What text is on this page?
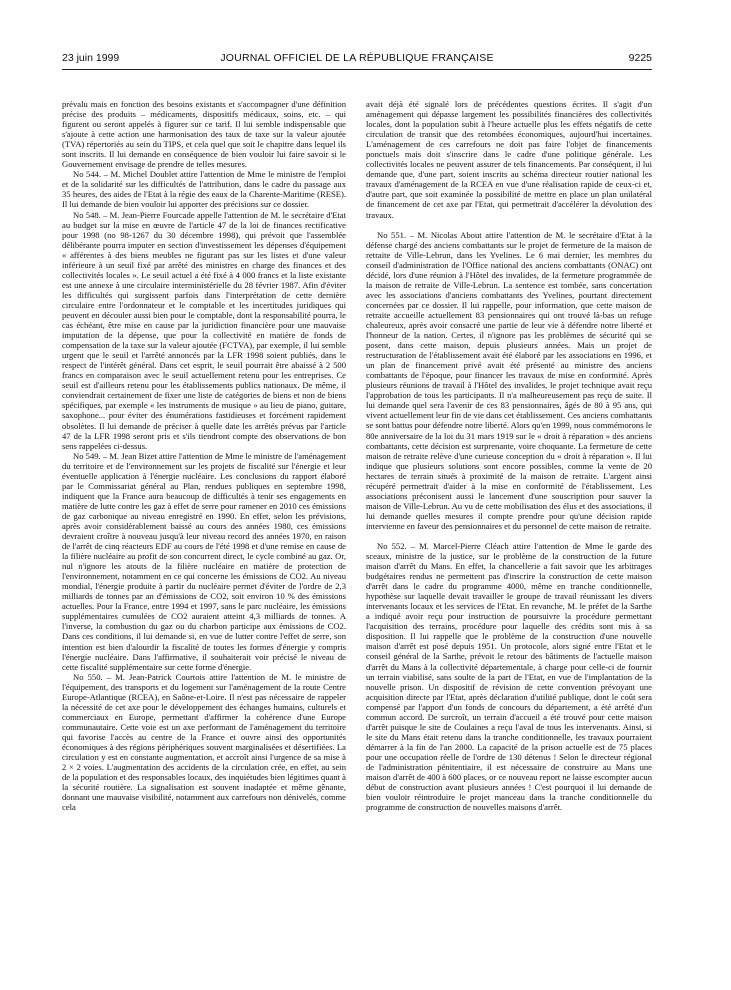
23 juin 1999	JOURNAL OFFICIEL DE LA RÉPUBLIQUE FRANÇAISE	9225

prévalu mais en fonction des besoins existants et s'accompagner d'une définition précise des produits – médicaments, dispositifs médicaux, soins, etc. – qui figurent ou seront appelés à figurer sur ce tarif. Il lui semble indispensable que s'ajoute à cette action une harmonisation des taux de taxe sur la valeur ajoutée (TVA) répertoriés au sein du TIPS, et cela quel que soit le chapitre dans lequel ils sont inscrits. Il lui demande en conséquence de bien vouloir lui faire savoir si le Gouvernement envisage de prendre de telles mesures.

No 544. – M. Michel Doublet attire l'attention de Mme le ministre de l'emploi et de la solidarité sur les difficultés de l'attribution, dans le cadre du passage aux 35 heures, des aides de l'Etat à la régie des eaux de la Charente-Maritime (RESE). Il lui demande de bien vouloir lui apporter des précisions sur ce dossier.

No 548. – M. Jean-Pierre Fourcade appelle l'attention de M. le secrétaire d'Etat au budget sur la mise en œuvre de l'article 47 de la loi de finances rectificative pour 1998 (no 98-1267 du 30 décembre 1998), qui prévoit que l'assemblée délibérante pourra imputer en section d'investissement les dépenses d'équipement « afférentes à des biens meubles ne figurant pas sur les listes et d'une valeur inférieure à un seuil fixé par arrêté des ministres en charge des finances et des collectivités locales ». Le seuil actuel a été fixé à 4 000 francs et la liste existante est une annexe à une circulaire interministérielle du 28 février 1987. Afin d'éviter les difficultés qui surgissent parfois dans l'interprétation de cette dernière circulaire entre l'ordonnateur et le comptable et les incertitudes juridiques qui peuvent en découler aussi bien pour le comptable, dont la responsabilité pourra, le cas échéant, être mise en cause par la juridiction financière pour une mauvaise imputation de la dépense, que pour la collectivité en matière de fonds de compensation de la taxe sur la valeur ajoutée (FCTVA), par exemple, il lui semble urgent que le seuil et l'arrêté annoncés par la LFR 1998 soient publiés, dans le respect de l'intérêt général. Dans cet esprit, le seuil pourrait être abaissé à 2 500 francs en comparaison avec le seuil actuellement retenu pour les entreprises. Ce seuil est d'ailleurs retenu pour les établissements publics nationaux. De même, il conviendrait certainement de fixer une liste de catégories de biens et non de biens spécifiques, par exemple « les instruments de musique » au lieu de piano, guitare, saxophone... pour éviter des énumérations fastidieuses et forcément rapidement obsolètes. Il lui demande de préciser à quelle date les arrêtés prévus par l'article 47 de la LFR 1998 seront pris et s'ils tiendront compte des observations de bon sens rappelées ci-dessus.

No 549. – M. Jean Bizet attire l'attention de Mme le ministre de l'aménagement du territoire et de l'environnement sur les projets de fiscalité sur l'énergie et leur éventuelle application à l'énergie nucléaire. Les conclusions du rapport élaboré par le Commissariat général au Plan, rendues publiques en septembre 1998, indiquent que la France aura beaucoup de difficultés à tenir ses engagements en matière de lutte contre les gaz à effet de serre pour ramener en 2010 ces émissions de gaz carbonique au niveau enregistré en 1990. En effet, selon les prévisions, après avoir considérablement baissé au cours des années 1980, ces émissions devraient croître à nouveau jusqu'à leur niveau record des années 1970, en raison de l'arrêt de cinq réacteurs EDF au cours de l'été 1998 et d'une remise en cause de la filière nucléaire au profit de son concurrent direct, le cycle combiné au gaz. Or, nul n'ignore les atouts de la filière nucléaire en matière de protection de l'environnement, notamment en ce qui concerne les émissions de CO2. Au niveau mondial, l'énergie produite à partir du nucléaire permet d'éviter de l'ordre de 2,3 milliards de tonnes par an d'émissions de CO2, soit environ 10 % des émissions actuelles. Pour la France, entre 1994 et 1997, sans le parc nucléaire, les émissions supplémentaires cumulées de CO2 auraient atteint 4,3 milliards de tonnes. A l'inverse, la combustion du gaz ou du charbon participe aux émissions de CO2. Dans ces conditions, il lui demande si, en vue de lutter contre l'effet de serre, son intention est bien d'alourdir la fiscalité de toutes les formes d'énergie y compris l'énergie nucléaire. Dans l'affirmative, il souhaiterait voir précisé le niveau de cette fiscalité supplémentaire sur cette forme d'énergie.

No 550. – M. Jean-Patrick Courtois attire l'attention de M. le ministre de l'équipement, des transports et du logement sur l'aménagement de la route Centre Europe-Atlantique (RCEA), en Saône-et-Loire. Il n'est pas nécessaire de rappeler la nécessité de cet axe pour le développement des échanges humains, culturels et commerciaux en Europe, permettant d'affirmer la cohérence d'une Europe communautaire. Cette voie est un axe performant de l'aménagement du territoire qui favorise l'accès au centre de la France et ouvre ainsi des opportunités économiques à des régions périphériques souvent marginalisées et désertifiées. La circulation y est en constante augmentation, et accroît ainsi l'urgence de sa mise à 2 × 2 voies. L'augmentation des accidents de la circulation crée, en effet, au sein de la population et des responsables locaux, des inquiétudes bien légitimes quant à la sécurité routière. La signalisation est souvent inadaptée et même gênante, donnant une mauvaise visibilité, notamment aux carrefours non dénivelés, comme cela

avait déjà été signalé lors de précédentes questions écrites. Il s'agit d'un aménagement qui dépasse largement les possibilités financières des collectivités locales, dont la population subit à l'heure actuelle plus les effets négatifs de cette circulation de transit que des retombées économiques, aujourd'hui incertaines. L'aménagement de ces carrefours ne doit pas faire l'objet de financements ponctuels mais doit s'inscrire dans le cadre d'une politique générale. Les collectivités locales ne peuvent assurer de tels financements. Par conséquent, il lui demande que, d'une part, soient inscrits au schéma directeur routier national les travaux d'aménagement de la RCEA en vue d'une réalisation rapide de ceux-ci et, d'autre part, que soit examinée la possibilité de mettre en place un plan unilatéral de financement de cet axe par l'Etat, qui permettrait d'accélérer la dévolution des travaux.

No 551. – M. Nicolas About attire l'attention de M. le secrétaire d'Etat à la défense chargé des anciens combattants sur le projet de fermeture de la maison de retraite de Ville-Lebrun, dans les Yvelines. Le 6 mai dernier, les membres du conseil d'administration de l'Office national des anciens combattants (ONAC) ont décidé, lors d'une réunion à l'Hôtel des invalides, de la fermeture programmée de la maison de retraite de Ville-Lebrun. La sentence est tombée, sans concertation avec les associations d'anciens combattants des Yvelines, pourtant directement concernées par ce dossier. Il lui rappelle, pour information, que cette maison de retraite accueille actuellement 83 pensionnaires qui ont trouvé là-bas un refuge chaleureux, après avoir consacré une partie de leur vie à défendre notre liberté et l'honneur de la nation. Certes, il n'ignore pas les problèmes de sécurité qui se posent, dans cette maison, depuis plusieurs années. Mais un projet de restructuration de l'établissement avait été élaboré par les associations en 1996, et un plan de financement privé avait été présenté au ministre des anciens combattants de l'époque, pour financer les travaux de mise en conformité. Après plusieurs réunions de travail à l'Hôtel des invalides, le projet technique avait reçu l'approbation de tous les participants. Il n'a malheureusement pas reçu de suite. Il lui demande quel sera l'avenir de ces 83 pensionnaires, âgés de 80 à 95 ans, qui vivent actuellement leur fin de vie dans cet établissement. Ces anciens combattants se sont battus pour défendre notre liberté. Alors qu'en 1999, nous commémorons le 80e anniversaire de la loi du 31 mars 1919 sur le « droit à réparation » des anciens combattants, cette décision est surprenante, voire choquante. La fermeture de cette maison de retraite relève d'une curieuse conception du « droit à réparation ». Il lui indique que plusieurs solutions sont encore possibles, comme la vente de 20 hectares de terrain situés à proximité de la maison de retraite. L'argent ainsi récupéré permettrait d'aider à la mise en conformité de l'établissement. Les associations préconisent aussi le lancement d'une souscription pour sauver la maison de Ville-Lebrun. Au vu de cette mobilisation des élus et des associations, il lui demande quelles mesures il compte prendre pour qu'une décision rapide intervienne en faveur des pensionnaires et du personnel de cette maison de retraite.

No 552. – M. Marcel-Pierre Cléach attire l'attention de Mme le garde des sceaux, ministre de la justice, sur le problème de la construction de la future maison d'arrêt du Mans. En effet, la chancellerie a fait savoir que les arbitrages budgétaires rendus ne permettent pas d'inscrire la construction de cette maison d'arrêt dans le cadre du programme 4000, même en tranche conditionnelle, hypothèse sur laquelle devait travailler le groupe de travail réunissant les divers intervenants locaux et les services de l'Etat. En revanche, M. le préfet de la Sarthe a indiqué avoir reçu pour instruction de poursuivre la procédure permettant l'acquisition des terrains, procédure pour laquelle des crédits sont mis à sa disposition. Il lui rappelle que le problème de la construction d'une nouvelle maison d'arrêt est posé depuis 1951. Un protocole, alors signé entre l'Etat et le conseil général de la Sarthe, prévoit le retour des bâtiments de l'actuelle maison d'arrêt du Mans à la collectivité départementale, à charge pour celle-ci de fournir un terrain viabilisé, sans soulte de la part de l'Etat, en vue de l'implantation de la nouvelle prison. Un dispositif de révision de cette convention prévoyant une acquisition directe par l'Etat, après déclaration d'utilité publique, dont le coût sera compensé par l'apport d'un fonds de concours du département, a été arrêté d'un commun accord. De surcroît, un terrain d'accueil a été trouvé pour cette maison d'arrêt puisque le site de Coulaines a reçu l'aval de tous les intervenants. Ainsi, si le site du Mans était retenu dans la tranche conditionnelle, les travaux pourraient démarrer à la fin de l'an 2000. La capacité de la prison actuelle est de 75 places pour une occupation réelle de l'ordre de 130 détenus ! Selon le directeur régional de l'administration pénitentiaire, il est nécessaire de construire au Mans une maison d'arrêt de 400 à 600 places, or ce nouveau report ne laisse escompter aucun début de construction avant plusieurs années ! C'est pourquoi il lui demande de bien vouloir réintroduire le projet manceau dans la tranche conditionnelle du programme de construction de nouvelles maisons d'arrêt.
